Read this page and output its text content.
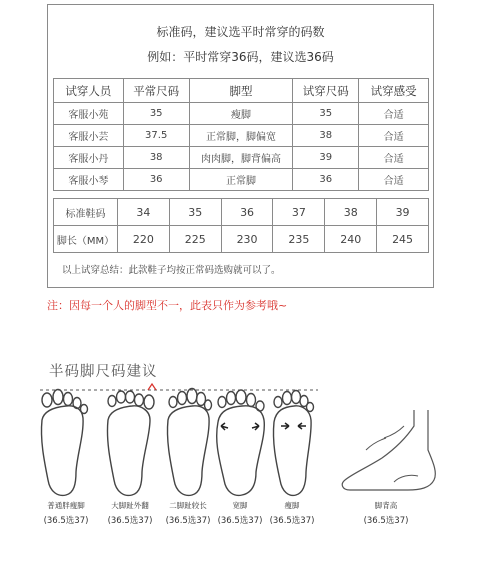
标准码，建议选平时常穿的码数
例如：平时常穿36码，建议选36码
试穿人员	平常尺码	脚型	试穿尺码	试穿感受
客服小苑	35	瘦脚	35	合适
客服小芸	37.5	正常脚，脚偏宽	38	合适
客服小丹	38	肉肉脚，脚背偏高	39	合适
客服小琴	36	正常脚	36	合适
标准鞋码	34	35	36	37	38	39
脚长（MM）	220	225	230	235	240	245
以上试穿总结：此款鞋子均按正常码选购就可以了。
注：因每一个人的脚型不一，此表只作为参考哦~
半码脚尺码建议
普通胖瘦脚
(36.5选37)
大脚趾外翻
(36.5选37)
二脚趾较长
(36.5选37)
宽脚
(36.5选37)
瘦脚
(36.5选37)
脚背高
(36.5选37)
